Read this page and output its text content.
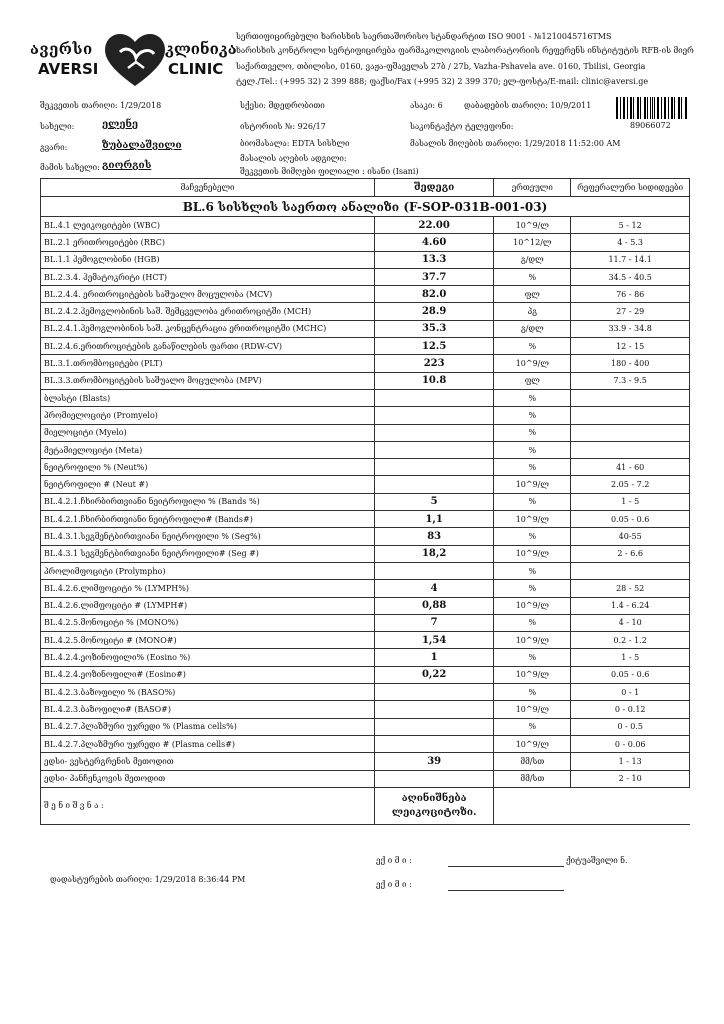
ავერსი	კლინიკა
AVERSI	CLINIC
სერთიფიცირებული ხარისხის საერთაშორისო სტანდარტით ISO 9001 - №1210045716TMS
ხარისხის კონტროლი სერტიფიცირება ფარმაკოლოგიის ლაბორატორიის რეფერენს ინსტიტუტის RFB-ის მიერ
საქართველო, თბილისი, 0160, ვაჟა-ფშაველას 27ბ / 27b, Vazha-Pshavela ave. 0160, Tbilisi, Georgia
ტელ./Tel.: (+995 32) 2 399 888; ფაქსი/Fax (+995 32) 2 399 370; ელ-ფოსტა/E-mail: clinic@aversi.ge
შეკვეთის თარიღი: 1/29/2018
სახელი:	ელენე
გვარი:	ზუბალაშვილი
მამის სახელი: გიორგის
სქესი: მდედრობითი
ისტორიის №: 926/17
ბიომასალა: EDTA სისხლი
მასალის აღების ადგილი:
შეკვეთის მიმღები ფილიალი : ისანი (Isani)
ასაკი: 6	დაბადების თარიღი: 10/9/2011
საკონტაქტო ტელეფონი:
მასალის მიღების თარიღი: 1/29/2018 11:52:00 AM
89066072
მაჩვენებელი	შედეგი	ერთეული	რეფერალური სიდიდეები
BL.6 სისხლის საერთო ანალიზი (F-SOP-031B-001-03)			
BL.4.1 ლეიკოციტები (WBC)	22.00	10^9/ლ	5 - 12
BL.2.1 ერითროციტები (RBC)	4.60	10^12/ლ	4 - 5.3
BL.1.1 ჰემოგლობინი (HGB)	13.3	გ/დლ	11.7 - 14.1
BL.2.3.4. ჰემატოკრიტი (HCT)	37.7	%	34.5 - 40.5
BL.2.4.4. ერითროციტების საშუალო მოცულობა (MCV)	82.0	ფლ	76 - 86
BL.2.4.2.ჰემოგლობინის საშ. შემცველობა ერითროციტში (MCH)	28.9	პგ	27 - 29
BL.2.4.1.ჰემოგლობინის საშ. კონცენტრაცია ერითროციტში (MCHC)	35.3	გ/დლ	33.9 - 34.8
BL.2.4.6.ერითროციტების განაწილების ფართი (RDW-CV)	12.5	%	12 - 15
BL.3.1.თრომბოციტები (PLT)	223	10^9/ლ	180 - 400
BL.3.3.თრომბოციტების საშუალო მოცულობა (MPV)	10.8	ფლ	7.3 - 9.5
ბლასტი (Blasts)		%	
პრომიელოციტი (Promyelo)		%	
მიელოციტი (Myelo)		%	
მეტამიელოციტი (Meta)		%	
ნეიტროფილი % (Neut%)		%	41 - 60
ნეიტროფილი # (Neut #)		10^9/ლ	2.05 - 7.2
BL.4.2.1.ჩხირბირთვიანი ნეიტროფილი % (Bands %)	5	%	1 - 5
BL.4.2.1.ჩხირბირთვიანი ნეიტროფილი# (Bands#)	1,1	10^9/ლ	0.05 - 0.6
BL.4.3.1.სეგმენტბირთვიანი ნეიტროფილი % (Seg%)	83	%	40-55
BL.4.3.1 სეგმენტბირთვიანი ნეიტროფილი# (Seg #)	18,2	10^9/ლ	2 - 6.6
პროლიმფოციტი (Prolympho)		%	
BL.4.2.6.ლიმფოციტი % (LYMPH%)	4	%	28 - 52
BL.4.2.6.ლიმფოციტი # (LYMPH#)	0,88	10^9/ლ	1.4 - 6.24
BL.4.2.5.მონოციტი % (MONO%)	7	%	4 - 10
BL.4.2.5.მონოციტი # (MONO#)	1,54	10^9/ლ	0.2 - 1.2
BL.4.2.4.ეოზინოფილი% (Eosino %)	1	%	1 - 5
BL.4.2.4.ეოზინოფილი# (Eosino#)	0,22	10^9/ლ	0.05 - 0.6
BL.4.2.3.ბაზოფილი % (BASO%)		%	0 - 1
BL.4.2.3.ბაზოფილი# (BASO#)		10^9/ლ	0 - 0.12
BL.4.2.7.პლაზმური უჯრედი % (Plasma cells%)		%	0 - 0.5
BL.4.2.7.პლაზმური უჯრედი # (Plasma cells#)		10^9/ლ	0 - 0.06
ედსი- ვესტერგრენის მეთოდით	39	მმ/სთ	1 - 13
ედსი- პანჩენკოვის მეთოდით		მმ/სთ	2 - 10
შ ე ნ ი შ ვ ნ ა :	აღინიშნება ლეიკოციტოზი.		
ექ ი მ ი :	ქიტუაშვილი ნ.
დადასტურების თარიღი: 1/29/2018 8:36:44 PM
ექ ი მ ი :
